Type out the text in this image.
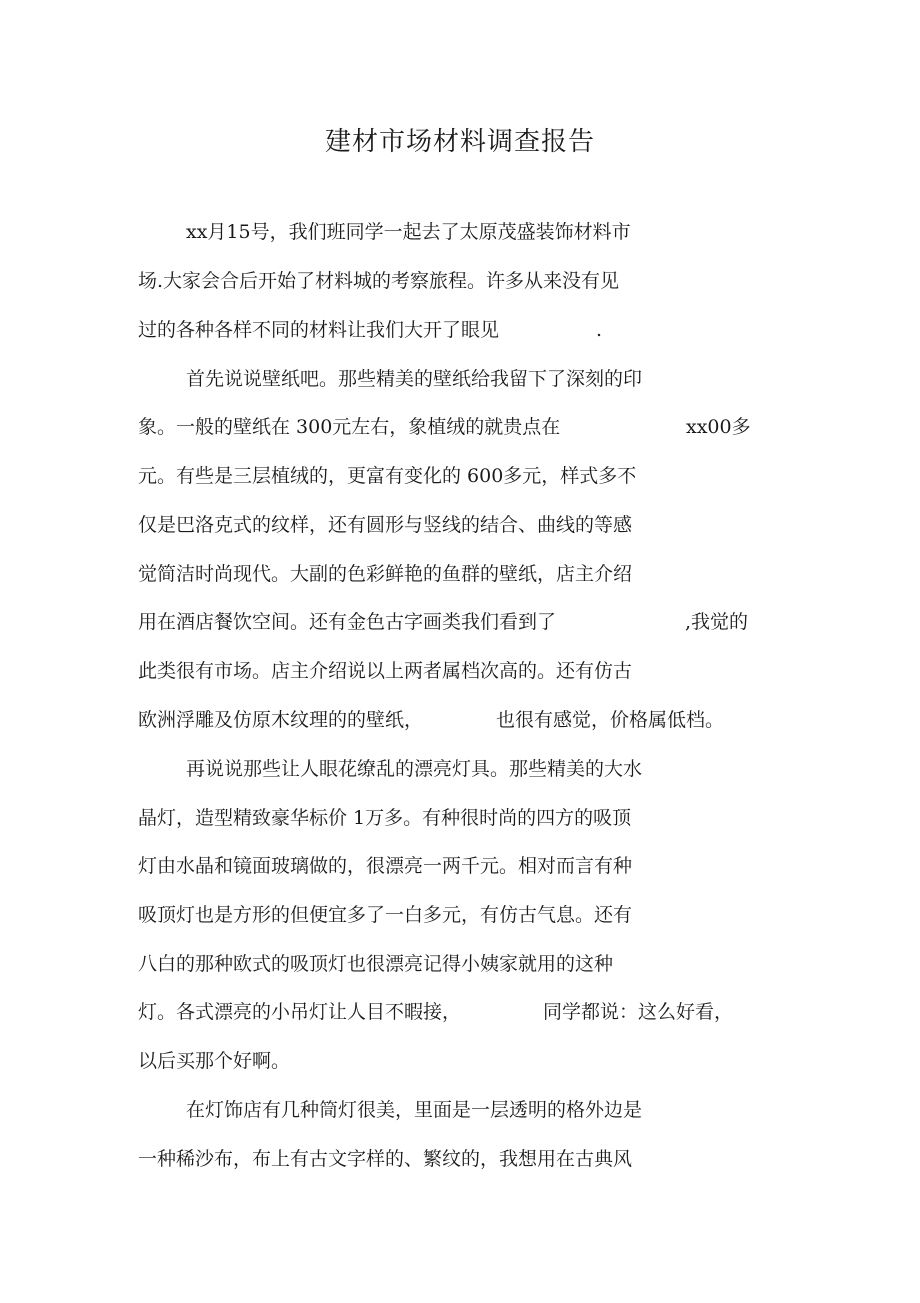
建材市场材料调查报告
xx月15号，我们班同学一起去了太原茂盛装饰材料市
场.大家会合后开始了材料城的考察旅程。许多从来没有见
过的各种各样不同的材料让我们大开了眼见	.
首先说说壁纸吧。那些精美的壁纸给我留下了深刻的印
象。一般的壁纸在 300元左右，象植绒的就贵点在	xx00多
元。有些是三层植绒的，更富有变化的 600多元，样式多不
仅是巴洛克式的纹样，还有圆形与竖线的结合、曲线的等感
觉简洁时尚现代。大副的色彩鲜艳的鱼群的壁纸，店主介绍
用在酒店餐饮空间。还有金色古字画类我们看到了	,我觉的
此类很有市场。店主介绍说以上两者属档次高的。还有仿古
欧洲浮雕及仿原木纹理的的壁纸，	也很有感觉，价格属低档。
再说说那些让人眼花缭乱的漂亮灯具。那些精美的大水
晶灯，造型精致豪华标价 1万多。有种很时尚的四方的吸顶
灯由水晶和镜面玻璃做的，很漂亮一两千元。相对而言有种
吸顶灯也是方形的但便宜多了一白多元，有仿古气息。还有
八白的那种欧式的吸顶灯也很漂亮记得小姨家就用的这种
灯。各式漂亮的小吊灯让人目不暇接，	同学都说：这么好看，
以后买那个好啊。
在灯饰店有几种筒灯很美，里面是一层透明的格外边是
一种稀沙布，布上有古文字样的、繁纹的，我想用在古典风
